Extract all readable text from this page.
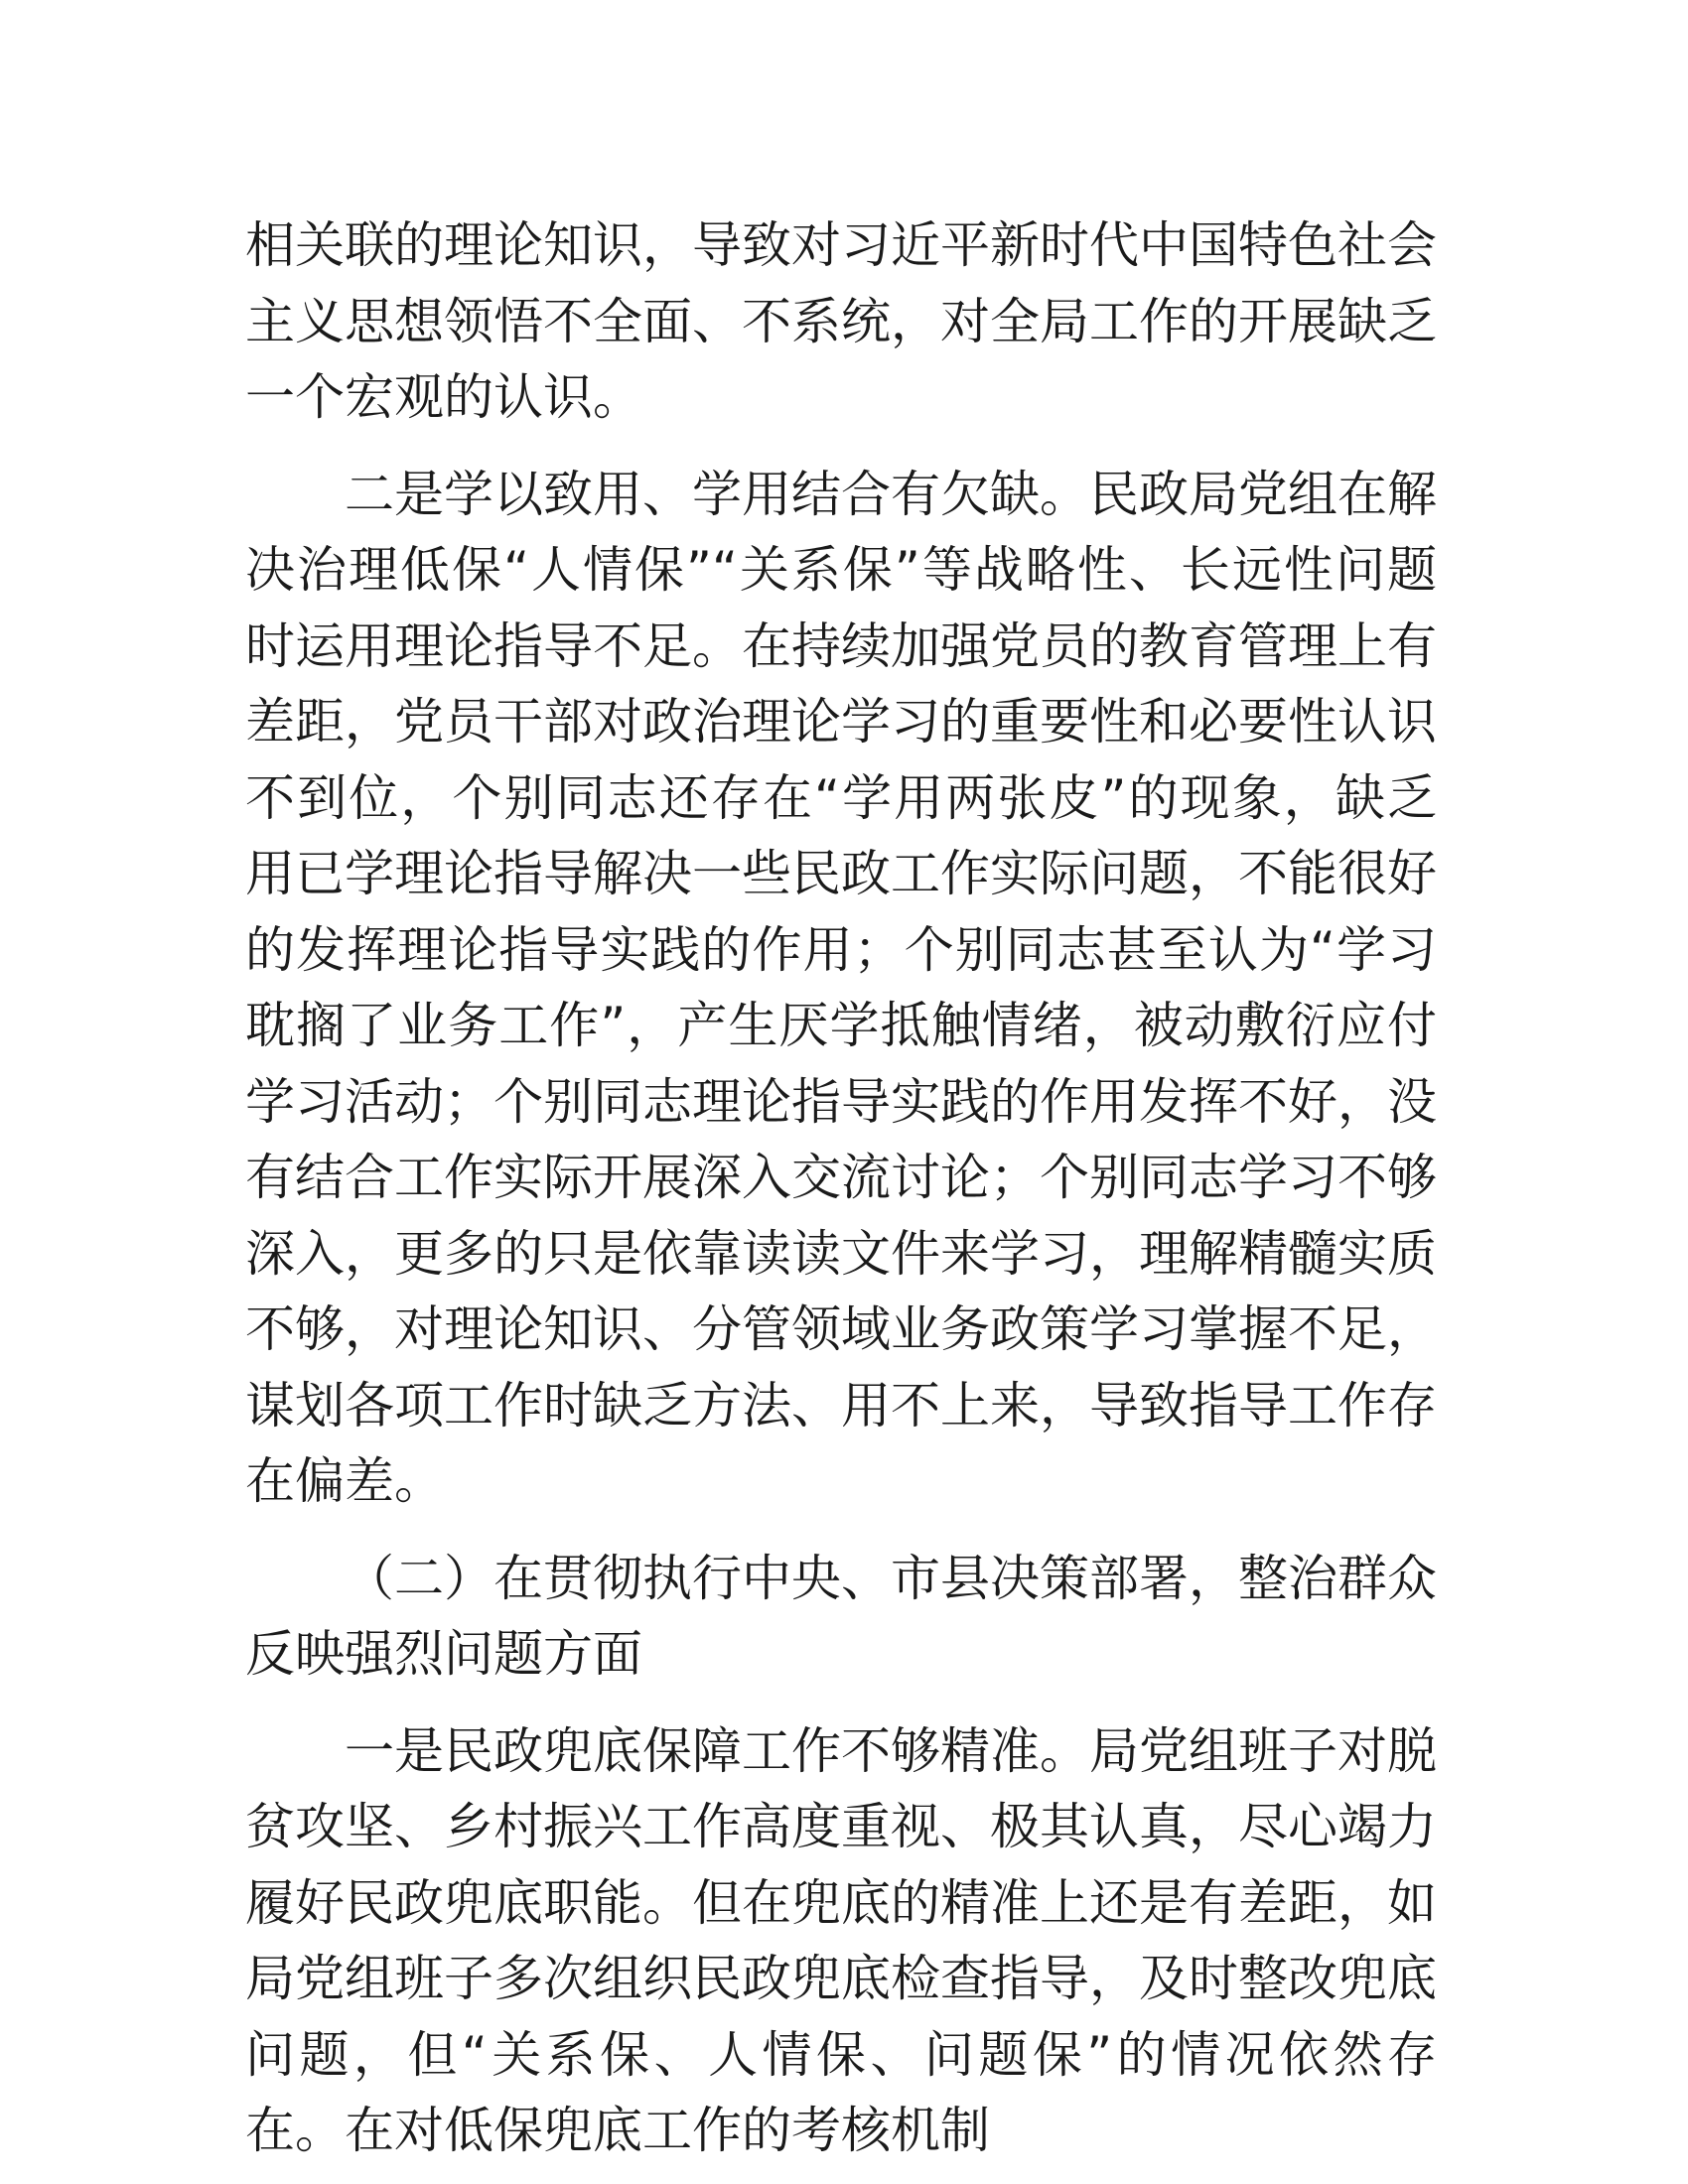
相关联的理论知识，导致对习近平新时代中国特色社会主义思想领悟不全面、不系统，对全局工作的开展缺乏一个宏观的认识。

二是学以致用、学用结合有欠缺。民政局党组在解决治理低保“人情保”“关系保”等战略性、长远性问题时运用理论指导不足。在持续加强党员的教育管理上有差距，党员干部对政治理论学习的重要性和必要性认识不到位，个别同志还存在“学用两张皮”的现象，缺乏用已学理论指导解决一些民政工作实际问题，不能很好的发挥理论指导实践的作用；个别同志甚至认为“学习耽搁了业务工作”，产生厌学抵触情绪，被动敷衍应付学习活动；个别同志理论指导实践的作用发挥不好，没有结合工作实际开展深入交流讨论；个别同志学习不够深入，更多的只是依靠读读文件来学习，理解精髓实质不够，对理论知识、分管领域业务政策学习掌握不足，谋划各项工作时缺乏方法、用不上来，导致指导工作存在偏差。

（二）在贯彻执行中央、市县决策部署，整治群众反映强烈问题方面

一是民政兜底保障工作不够精准。局党组班子对脱贫攻坚、乡村振兴工作高度重视、极其认真，尽心竭力履好民政兜底职能。但在兜底的精准上还是有差距，如局党组班子多次组织民政兜底检查指导，及时整改兜底问题，但“关系保、人情保、问题保”的情况依然存在。在对低保兜底工作的考核机制
